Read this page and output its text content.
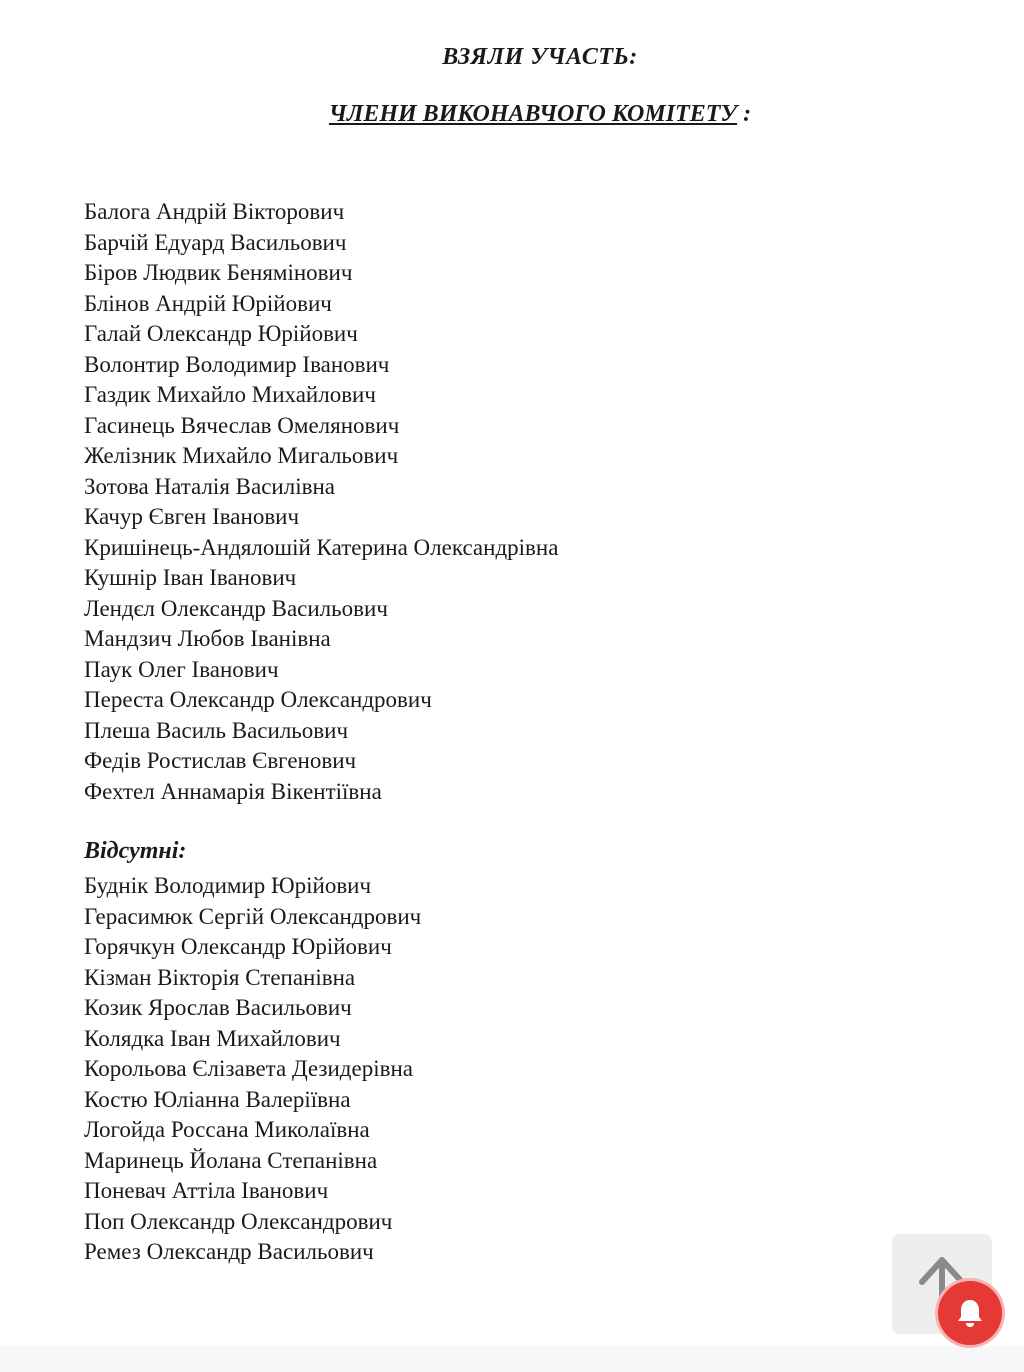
ВЗЯЛИ УЧАСТЬ:
ЧЛЕНИ ВИКОНАВЧОГО КОМІТЕТУ :
Балога Андрій Вікторович
Барчій Едуард Васильович
Біров Людвик Бенямінович
Блінов Андрій Юрійович
Галай Олександр Юрійович
Волонтир Володимир Іванович
Газдик Михайло Михайлович
Гасинець Вячеслав Омелянович
Желізник Михайло Мигальович
Зотова Наталія Василівна
Качур Євген Іванович
Кришінець-Андялошій Катерина Олександрівна
Кушнір Іван Іванович
Лендєл Олександр Васильович
Мандзич Любов Іванівна
Паук Олег Іванович
Переста Олександр Олександрович
Плеша Василь Васильович
Федів Ростислав Євгенович
Фехтел Аннамарія Вікентіївна
Відсутні:
Буднік Володимир Юрійович
Герасимюк Сергій Олександрович
Горячкун Олександр Юрійович
Кізман Вікторія Степанівна
Козик Ярослав Васильович
Колядка Іван Михайлович
Корольова Єлізавета Дезидерівна
Костю Юліанна Валеріївна
Логойда Россана Миколаївна
Маринець Йолана Степанівна
Поневач Аттіла Іванович
Поп Олександр Олександрович
Ремез Олександр Васильович
